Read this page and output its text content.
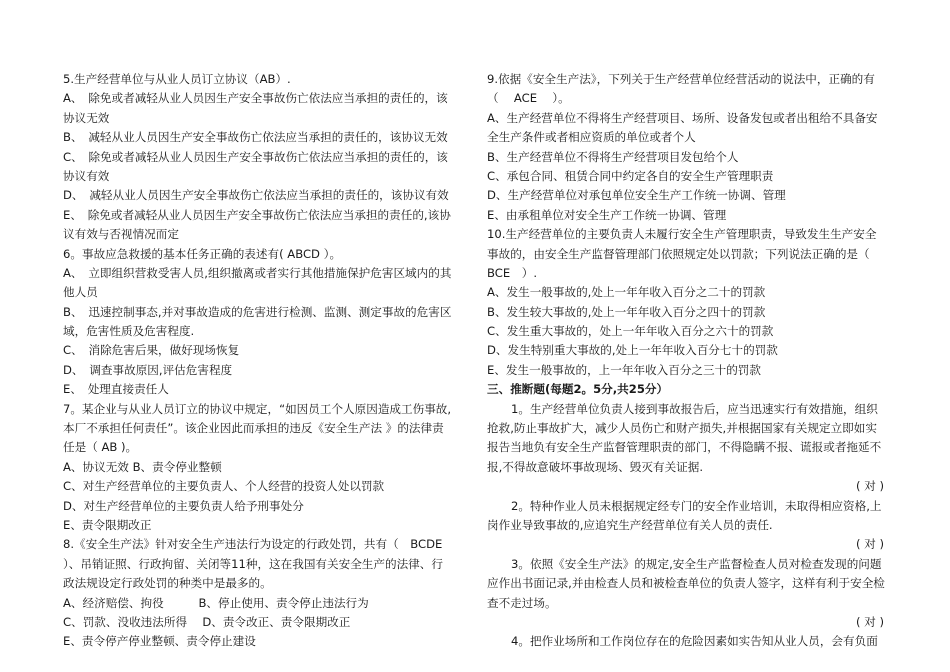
5.生产经营单位与从业人员订立协议（AB）.
A、　除免或者减轻从业人员因生产安全事故伤亡依法应当承担的责任的，该
协议无效
B、　减轻从业人员因生产安全事故伤亡依法应当承担的责任的，该协议无效
C、　除免或者减轻从业人员因生产安全事故伤亡依法应当承担的责任的，该
协议有效
D、　减轻从业人员因生产安全事故伤亡依法应当承担的责任的，该协议有效
E、　除免或者减轻从业人员因生产安全事故伤亡依法应当承担的责任的,该协
议有效与否视情况而定
6。事故应急救援的基本任务正确的表述有( ABCD ）。
A、　立即组织营救受害人员,组织撤离或者实行其他措施保护危害区域内的其
他人员
B、　迅速控制事态,并对事故造成的危害进行检测、监测、测定事故的危害区
域，危害性质及危害程度.
C、　消除危害后果，做好现场恢复
D、　调查事故原因,评估危害程度
E、　处理直接责任人
7。某企业与从业人员订立的协议中规定，“如因员工个人原因造成工伤事故,
本厂不承担任何责任”。该企业因此而承担的违反《安全生产法 》的法律责
任是（ AB )。
A、协议无效 B、责令停业整顿
C、对生产经营单位的主要负责人、个人经营的投资人处以罚款
D、对生产经营单位的主要负责人给予刑事处分
E、责令限期改正
8.《安全生产法》针对安全生产违法行为设定的行政处罚，共有（　BCDE
）、吊销证照、行政拘留、关闭等11种，这在我国有关安全生产的法律、行
政法规设定行政处罚的种类中是最多的。
A、经济赔偿、拘役　　　B、停止使用、责令停止违法行为
C、罚款、没收违法所得　 D、责令改正、责令限期改正
E、责令停产停业整顿、责令停止建设
9.依据《安全生产法》，下列关于生产经营单位经营活动的说法中，正确的有
（　 ACE　 ）。
A、生产经营单位不得将生产经营项目、场所、设备发包或者出租给不具备安
全生产条件或者相应资质的单位或者个人
B、生产经营单位不得将生产经营项目发包给个人
C、承包合同、租赁合同中约定各自的安全生产管理职责
D、生产经营单位对承包单位安全生产工作统一协调、管理
E、由承租单位对安全生产工作统一协调、管理
10.生产经营单位的主要负责人未履行安全生产管理职责，导致发生生产安全
事故的，由安全生产监督管理部门依照规定处以罚款；下列说法正确的是（
BCE　）.
A、发生一般事故的,处上一年年收入百分之二十的罚款
B、发生较大事故的,处上一年年收入百分之四十的罚款
C、发生重大事故的，处上一年年收入百分之六十的罚款
D、发生特别重大事故的,处上一年年收入百分七十的罚款
E、发生一般事故的，上一年年收入百分之三十的罚款
三、推断题(每题2。5分,共25分）
1。生产经营单位负责人接到事故报告后，应当迅速实行有效措施，组织抢救,防止事故扩大，减少人员伤亡和财产损失,并根据国家有关规定立即如实报告当地负有安全生产监督管理职责的部门，不得隐瞒不报、谎报或者拖延不报,不得故意破坏事故现场、毁灭有关证据.
( 对 )
2。特种作业人员未根据规定经专门的安全作业培训，未取得相应资格,上岗作业导致事故的,应追究生产经营单位有关人员的责任.
( 对 )
3。依照《安全生产法》的规定,安全生产监督检查人员对检查发现的问题应作出书面记录,并由检查人员和被检查单位的负责人签字，这样有利于安全检查不走过场。
( 对 )
4。把作业场所和工作岗位存在的危险因素如实告知从业人员，会有负面
